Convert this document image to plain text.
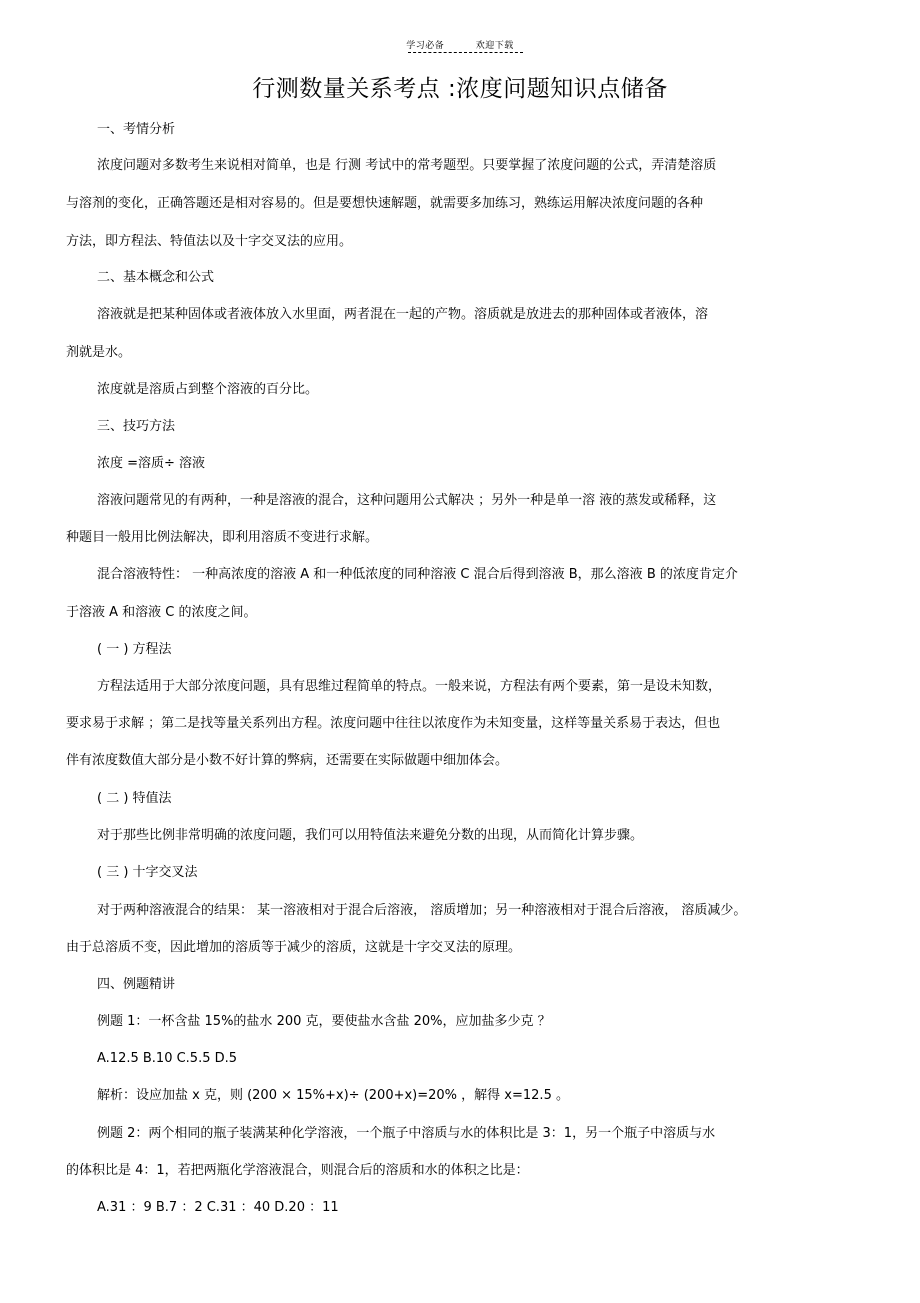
学习必备	欢迎下载
行测数量关系考点 :浓度问题知识点储备
一、考情分析
浓度问题对多数考生来说相对简单，也是 行测 考试中的常考题型。只要掌握了浓度问题的公式，弄清楚溶质
与溶剂的变化，正确答题还是相对容易的。但是要想快速解题，就需要多加练习，熟练运用解决浓度问题的各种
方法，即方程法、特值法以及十字交叉法的应用。
二、基本概念和公式
溶液就是把某种固体或者液体放入水里面，两者混在一起的产物。溶质就是放进去的那种固体或者液体，溶
剂就是水。
浓度就是溶质占到整个溶液的百分比。
三、技巧方法
浓度 =溶质÷ 溶液
溶液问题常见的有两种，一种是溶液的混合，这种问题用公式解决 ；另外一种是单一溶 液的蒸发或稀释，这
种题目一般用比例法解决，即利用溶质不变进行求解。
混合溶液特性： 一种高浓度的溶液 A 和一种低浓度的同种溶液 C 混合后得到溶液 B，那么溶液 B 的浓度肯定介
于溶液 A 和溶液 C 的浓度之间。
( 一 ) 方程法
方程法适用于大部分浓度问题，具有思维过程简单的特点。一般来说，方程法有两个要素，第一是设未知数，
要求易于求解 ；第二是找等量关系列出方程。浓度问题中往往以浓度作为未知变量，这样等量关系易于表达，但也
伴有浓度数值大部分是小数不好计算的弊病，还需要在实际做题中细加体会。
( 二 ) 特值法
对于那些比例非常明确的浓度问题，我们可以用特值法来避免分数的出现，从而简化计算步骤。
( 三 ) 十字交叉法
对于两种溶液混合的结果： 某一溶液相对于混合后溶液， 溶质增加；另一种溶液相对于混合后溶液， 溶质减少。
由于总溶质不变，因此增加的溶质等于减少的溶质，这就是十字交叉法的原理。
四、例题精讲
例题 1：一杯含盐 15%的盐水 200 克，要使盐水含盐 20%，应加盐多少克 ？
A.12.5 B.10 C.5.5 D.5
解析：设应加盐 x 克，则 (200 × 15%+x)÷ (200+x)=20% ，解得 x=12.5 。
例题 2：两个相同的瓶子装满某种化学溶液，一个瓶子中溶质与水的体积比是 3：1，另一个瓶子中溶质与水
的体积比是 4：1，若把两瓶化学溶液混合，则混合后的溶质和水的体积之比是：
A.31 ：9 B.7 ：2 C.31 ：40 D.20 ：11
